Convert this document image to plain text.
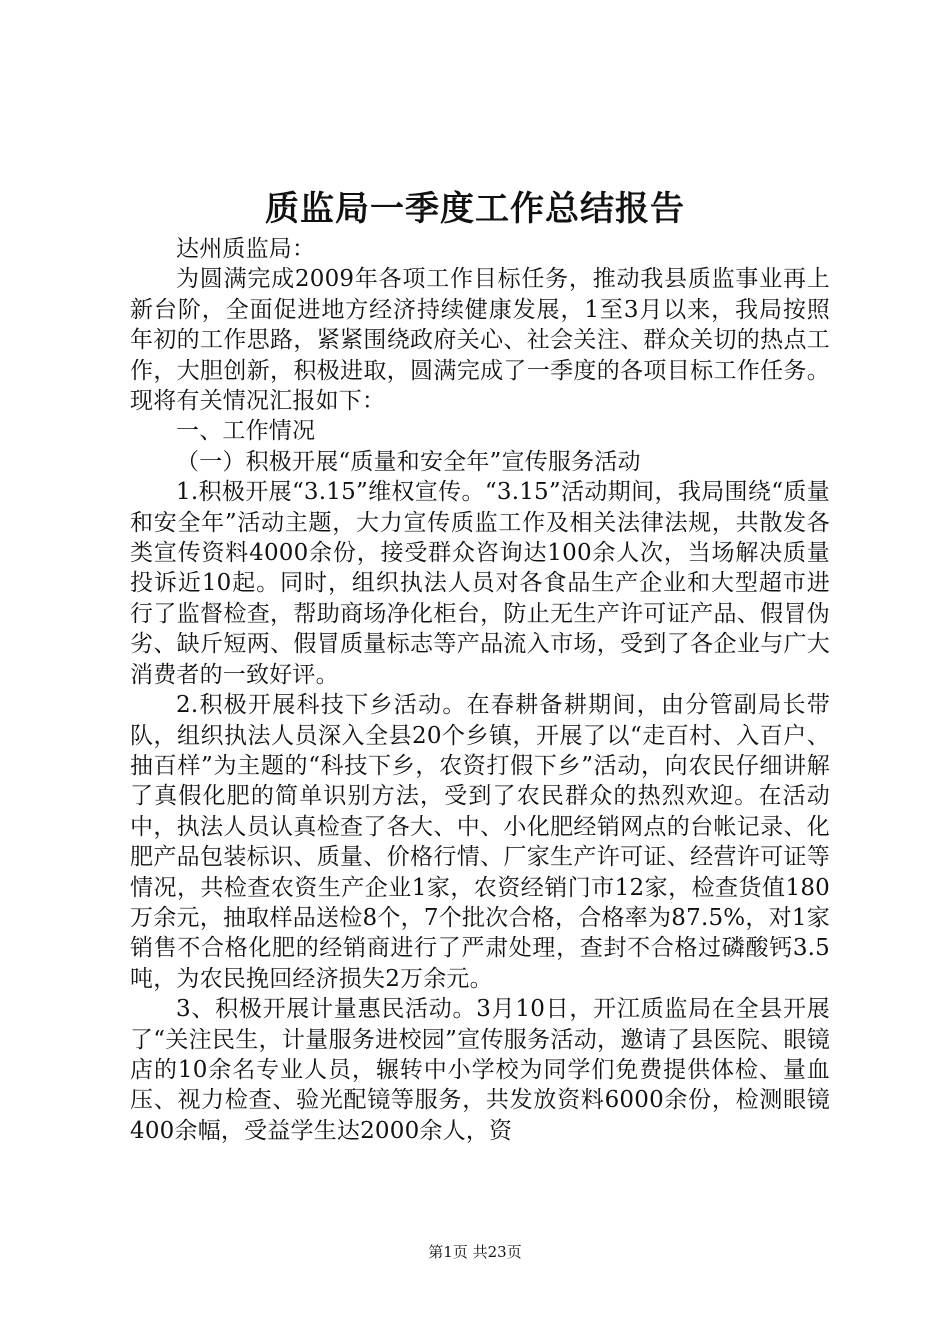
质监局一季度工作总结报告

达州质监局：

为圆满完成2009年各项工作目标任务，推动我县质监事业再上新台阶，全面促进地方经济持续健康发展，1至3月以来，我局按照年初的工作思路，紧紧围绕政府关心、社会关注、群众关切的热点工作，大胆创新，积极进取，圆满完成了一季度的各项目标工作任务。现将有关情况汇报如下：

一、工作情况

（一）积极开展“质量和安全年”宣传服务活动

1.积极开展“3.15”维权宣传。“3.15”活动期间，我局围绕“质量和安全年”活动主题，大力宣传质监工作及相关法律法规，共散发各类宣传资料4000余份，接受群众咨询达100余人次，当场解决质量投诉近10起。同时，组织执法人员对各食品生产企业和大型超市进行了监督检查，帮助商场净化柜台，防止无生产许可证产品、假冒伪劣、缺斤短两、假冒质量标志等产品流入市场，受到了各企业与广大消费者的一致好评。

2.积极开展科技下乡活动。在春耕备耕期间，由分管副局长带队，组织执法人员深入全县20个乡镇，开展了以“走百村、入百户、抽百样”为主题的“科技下乡，农资打假下乡”活动，向农民仔细讲解了真假化肥的简单识别方法，受到了农民群众的热烈欢迎。在活动中，执法人员认真检查了各大、中、小化肥经销网点的台帐记录、化肥产品包装标识、质量、价格行情、厂家生产许可证、经营许可证等情况，共检查农资生产企业1家，农资经销门市12家，检查货值180万余元，抽取样品送检8个，7个批次合格，合格率为87.5%，对1家销售不合格化肥的经销商进行了严肃处理，查封不合格过磷酸钙3.5吨，为农民挽回经济损失2万余元。

3、积极开展计量惠民活动。3月10日，开江质监局在全县开展了“关注民生，计量服务进校园”宣传服务活动，邀请了县医院、眼镜店的10余名专业人员，辗转中小学校为同学们免费提供体检、量血压、视力检查、验光配镜等服务，共发放资料6000余份，检测眼镜400余幅，受益学生达2000余人，资

第1页 共23页
